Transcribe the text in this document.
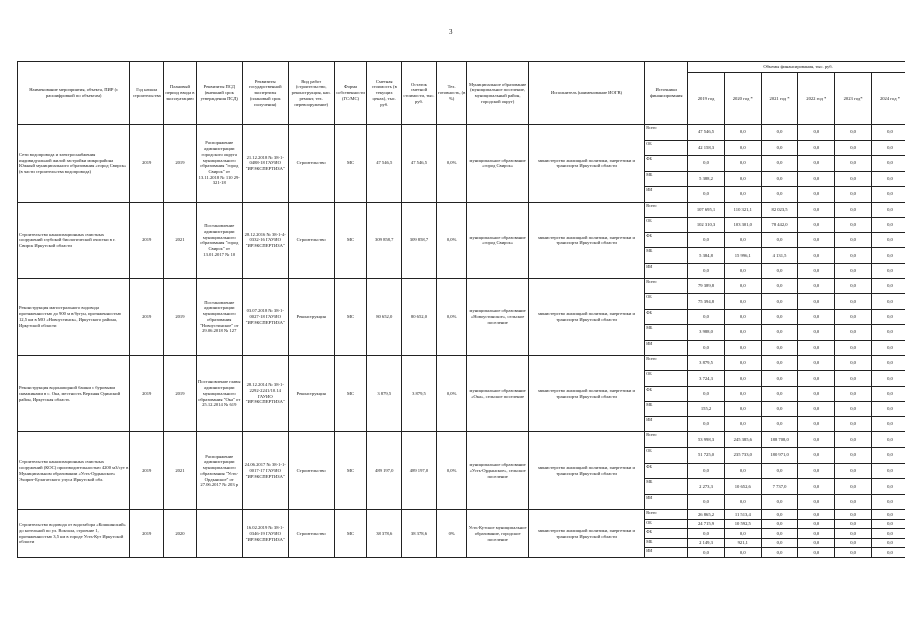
3
Наименование мероприятия, объекта, ПИР (с расшифровкой по объектам)	Год начала строительства	Плановый период ввода в эксплуатацию	Реквизиты ПСД (внешний срок утверждения ПСД)	Реквизиты государственной экспертизы (плановый срок получения)	Вид работ (строительство, реконструкция, кап. ремонт, тех. перевооружение)	Форма собственности (ГС/МС)	Сметная стоимость (в текущих ценах), тыс. руб.	Остаток сметной стоимости, тыс. руб.	Тех. готовность, (в %)	Муниципальное образование (муниципальное поселение, муниципальный район, городской округ)	Исполнитель (наименование ИОГВ)	Источники финансирования	Объемы финансирования, тыс. руб.					
													2019 год	2020 год *	2021 год *	2022 год *	2023 год*	2024 год *
Сети водопровода и электроснабжения индивидуальной жилой застройки микрорайона Южный муниципального образования «город Свирск» (в части строительства водопровода)	2019	2019	Распоряжение администрации городского округа муниципального образования "город Свирск" от 13.11.2018 № 110 29-321-18	21.12.2018 № 38-1-0488-18 ГАУИО "ИРЭКСПЕРТИЗА"	Строительство	МС	47 546,5	47 546,5	0,0%	муниципальное образование «город Свирск»	министерство жилищной политики, энергетики и транспорта Иркутской области	Всего	47 546,5	0,0	0,0	0,0	0,0	0,0
												ОБ	42 158,3	0,0	0,0	0,0	0,0	0,0
												ФБ	0,0	0,0	0,0	0,0	0,0	0,0
												МБ	5 388,2	0,0	0,0	0,0	0,0	0,0
												ИИ	0,0	0,0	0,0	0,0	0,0	0,0
Строительство канализационных очистных сооружений глубокой биологической очистки в г. Свирск Иркутской области	2019	2021	Постановление администрации муниципального образования "город Свирск" от 13.01.2017 № 10	28.12.2016 № 38-1-4-0332-16 ГАУИО "ИРЭКСПЕРТИЗА"	Строительство	МС	309 858,7	309 858,7	0,0%	муниципальное образование «город Свирск»	министерство жилищной политики, энергетики и транспорта Иркутской области	Всего	107 695,1	110 321,1	82 023,5	0,0	0,0	0,0
												ОБ	102 310,3	103 301,0	78 442,0	0,0	0,0	0,0
												ФБ	0,0	0,0	0,0	0,0	0,0	0,0
												МБ	5 384,8	15 996,1	4 131,5	0,0	0,0	0,0
												ИИ	0,0	0,0	0,0	0,0	0,0	0,0
Реконструкция магистрального водовода протяженностью до 900 м в/бугун, протяженностью 12,5 км в МО «Новоустинск», Иркутского района, Иркутской области	2019	2019	Постановление администрации муниципального образования "Новоустинское" от 29.06.2018 № 127	03.07.2018 № 38-1-0027-18 ГАУИО "ИРЭКСПЕРТИЗА"	Реконструкция	МС	80 652,0	80 652,0	0,0%	муниципальное образование «Новоустинское», сельское поселение	министерство жилищной политики, энергетики и транспорта Иркутской области	Всего	79 389,8	0,0	0,0	0,0	0,0	0,0
												ОБ	75 394,8	0,0	0,0	0,0	0,0	0,0
												ФБ	0,0	0,0	0,0	0,0	0,0	0,0
												МБ	3 988,0	0,0	0,0	0,0	0,0	0,0
												ИИ	0,0	0,0	0,0	0,0	0,0	0,0
Реконструкция водонапорной башни с буровыми скважинами в с. Ока, местность Верхняя Одинский район, Иркутская область	2019	2019	Постановление главы администрации муниципального образования "Ока" от 25.12.2014 № 619	28.12.2014 № 38-1-2292-2241/10.14 ГАУИО "ИРЭКСПЕРТИЗА"	Реконструкция	МС	3 879,5	3 879,5	0,0%	муниципальное образование «Ока», сельское поселение	министерство жилищной политики, энергетики и транспорта Иркутской области	Всего	3 879,5	0,0	0,0	0,0	0,0	0,0
												ОБ	3 724,3	0,0	0,0	0,0	0,0	0,0
												ФБ	0,0	0,0	0,0	0,0	0,0	0,0
												МБ	155,2	0,0	0,0	0,0	0,0	0,0
												ИИ	0,0	0,0	0,0	0,0	0,0	0,0
Строительство канализационных очистных сооружений (КОС) производительностью 4200 м3/сут в Муниципальном образовании «Усть-Ордынское» Эхирит-Булагатского улуса Иркутской обл.	2019	2021	Распоряжение администрации муниципального образования "Усть-Ордынское" от 27.06.2017 № 203 р	24.06.2017 № 38-1-1-0017-17 ГАУИО "ИРЭКСПЕРТИЗА"	Строительство	МС	489 197,0	489 197,0	0,0%	муниципальное образование «Усть-Ордынское», сельское поселение	министерство жилищной политики, энергетики и транспорта Иркутской области	Всего	53 998,3	245 385,6	188 708,0	0,0	0,0	0,0
												ОБ	51 725,0	235 733,0	180 971,0	0,0	0,0	0,0
												ФБ	0,0	0,0	0,0	0,0	0,0	0,0
												МБ	2 273,3	10 652,6	7 737,0	0,0	0,0	0,0
												ИИ	0,0	0,0	0,0	0,0	0,0	0,0
Строительство водовода от водозабора «Кошкинский» до котельной по ул. Вокзала, строение 1, протяженностью 3,5 км в городе Усть-Кут Иркутской области	2019	2020		16.02.2019 № 38-1-0346-19 ГАУИО "ИРЭКСПЕРТИЗА"	Строительство	МС	38 378,6	38 378,6	0%	Усть-Кутское муниципальное образование, городское поселение	министерство жилищной политики, энергетики и транспорта Иркутской области	Всего	26 865,2	11 513,4	0,0	0,0	0,0	0,0
												ОБ	24 715,9	10 592,5	0,0	0,0	0,0	0,0
												ФБ	0,0	0,0	0,0	0,0	0,0	0,0
												МБ	2 149,3	921,1	0,0	0,0	0,0	0,0
												ИИ	0,0	0,0	0,0	0,0	0,0	0,0
